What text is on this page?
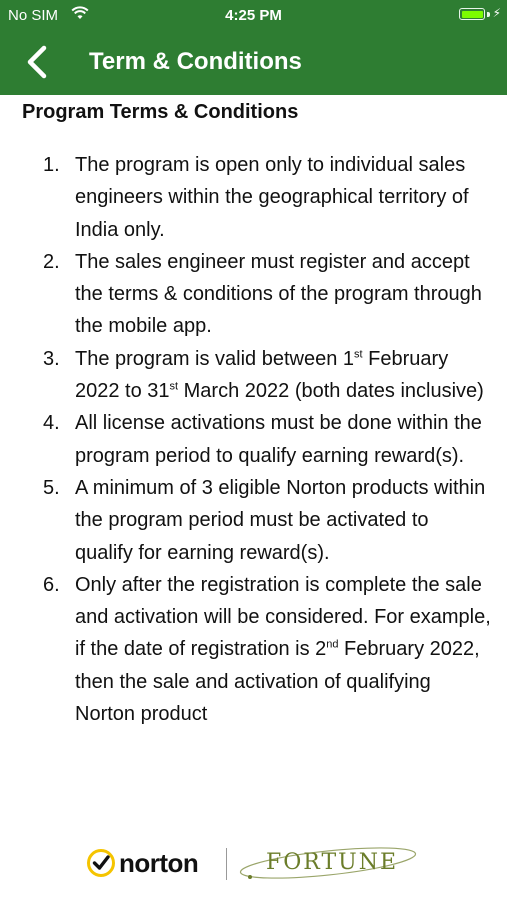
No SIM	4:25 PM	⚡
Term & Conditions
Program Terms & Conditions
1. The program is open only to individual sales engineers within the geographical territory of India only.
2. The sales engineer must register and accept the terms & conditions of the program through the mobile app.
3. The program is valid between 1st February 2022 to 31st March 2022 (both dates inclusive)
4. All license activations must be done within the program period to qualify earning reward(s).
5. A minimum of 3 eligible Norton products within the program period must be activated to qualify for earning reward(s).
6. Only after the registration is complete the sale and activation will be considered. For example, if the date of registration is 2nd February 2022, then the sale and activation of qualifying Norton product
norton	FORTUNE
